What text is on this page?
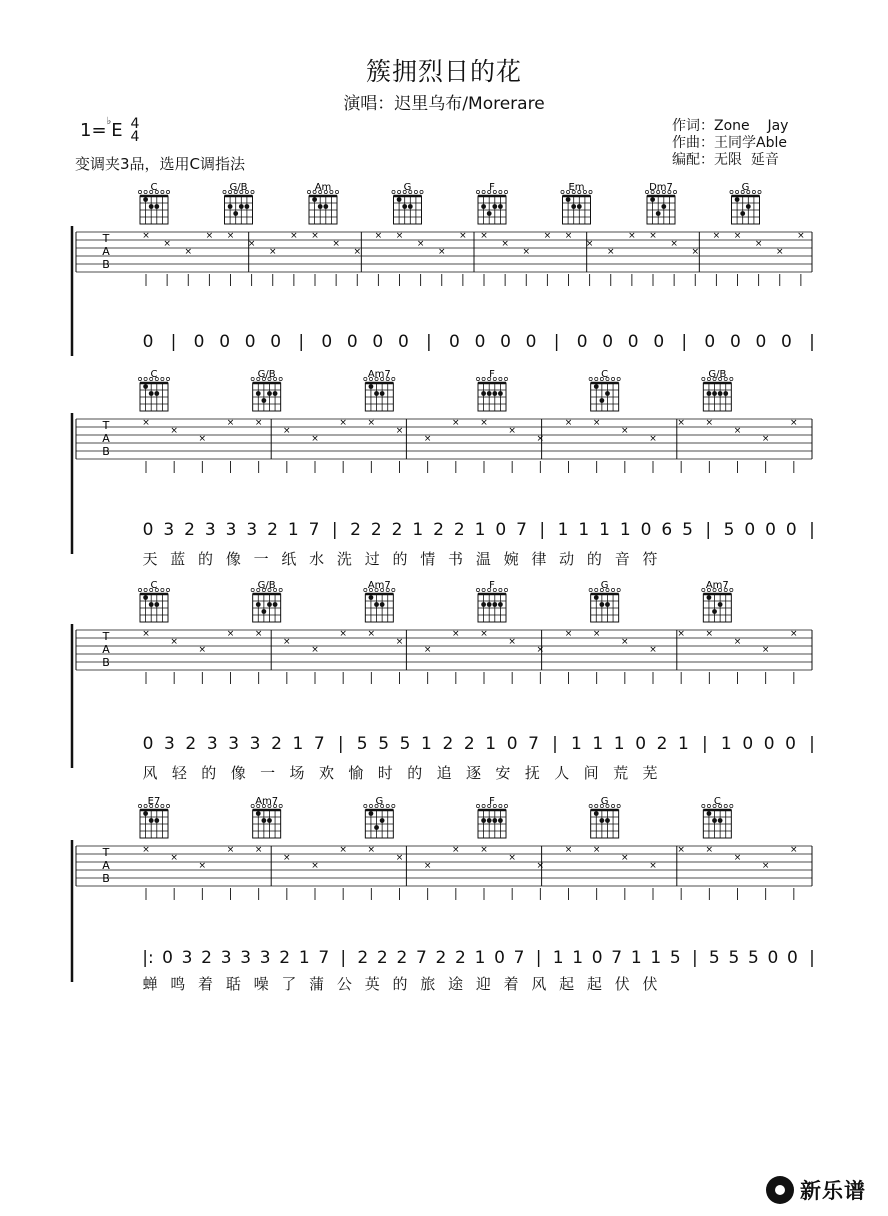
簇拥烈日的花
演唱：迟里乌布/Morerare
1=♭E 4
4
变调夹3品，选用C调指法
作词：Zone    Jay
作曲：王同学Able
编配：无限  延音
T
A
B
C
×
×
×
×
G/B
×
×
×
×
Am
×
×
×
×
G
×
×
×
×
F
×
×
×
×
Em
×
×
×
×
Dm7
×
×
×
×
G
×
×
×
×
T
A
B
C
×
×
×
×
G/B
×
×
×
×
Am7
×
×
×
×
F
×
×
×
×
C
×
×
×
×
G/B
×
×
×
×
T
A
B
C
×
×
×
×
G/B
×
×
×
×
Am7
×
×
×
×
F
×
×
×
×
G
×
×
×
×
Am7
×
×
×
×
T
A
B
E7
×
×
×
×
Am7
×
×
×
×
G
×
×
×
×
F
×
×
×
×
G
×
×
×
×
C
×
×
×
×
0	|	0 0 0 0	|	0 0 0 0	|	0 0 0 0	|	0 0 0 0	|	0 0 0 0	|
0 3 2 3 3 3 2 1 7 | 2 2 2 1 2 2 1 0 7 | 1 1 1 1 0 6 5 | 5 0 0 0 |
天 蓝 的 像 一 纸 水 洗 过 的 情 书 温 婉 律 动 的 音 符
0 3 2 3 3 3 2 1 7 | 5 5 5 1 2 2 1 0 7 | 1 1 1 0 2 1 | 1 0 0 0 |
风 轻 的 像 一 场 欢 愉 时 的 追 逐 安 抚 人 间 荒 芜
|: 0 3 2 3 3 3 2 1 7 | 2 2 2 7 2 2 1 0 7 | 1 1 0 7 1 1 5 | 5 5 5 0 0 |
蝉 鸣 着 聒 噪 了 蒲 公 英 的 旅 途 迎 着 风 起 起 伏 伏
新乐谱
